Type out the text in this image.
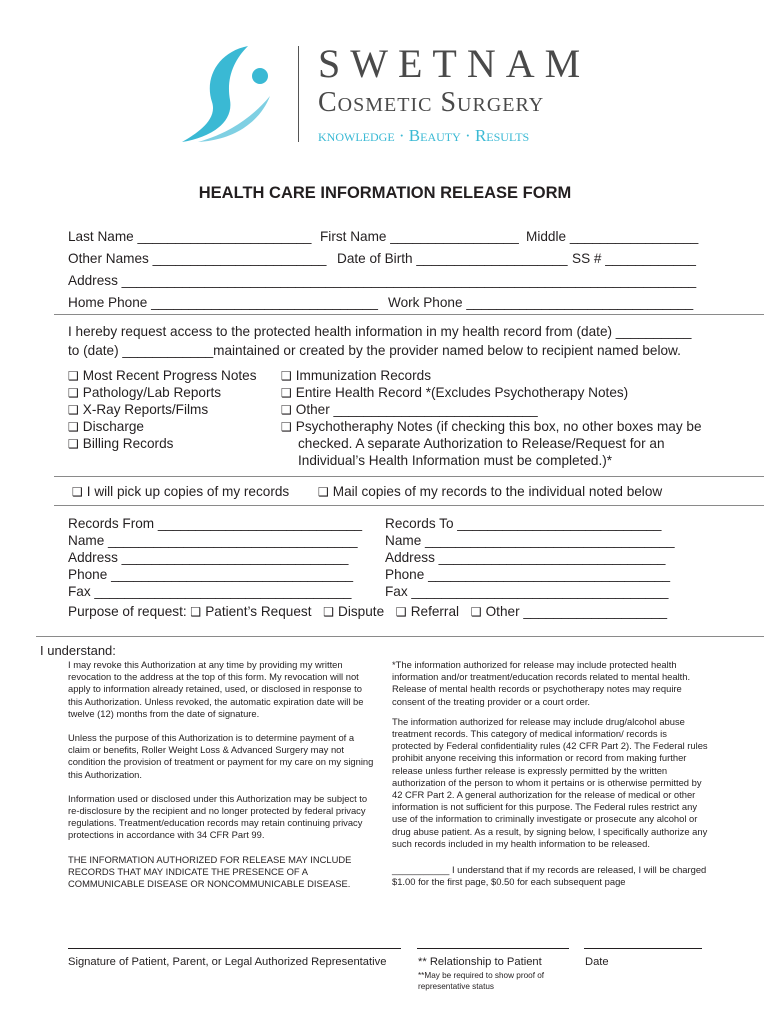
SWETNAM
Cosmetic Surgery
knowledge · Beauty · Results
HEALTH CARE INFORMATION RELEASE FORM
Last Name _______________________ First Name _________________ Middle _________________
Other Names _______________________ Date of Birth ____________________ SS # ____________
Address ____________________________________________________________________________
Home Phone ______________________________ Work Phone ______________________________
I hereby request access to the protected health information in my health record from (date) __________
to (date) ____________maintained or created by the provider named below to recipient named below.
❑ Most Recent Progress Notes
❑ Pathology/Lab Reports
❑ X-Ray Reports/Films
❑ Discharge
❑ Billing Records
❑ Immunization Records
❑ Entire Health Record *(Excludes Psychotherapy Notes)
❑ Other ___________________________
❑ Psychotheraphy Notes (if checking this box, no other boxes may be
checked. A separate Authorization to Release/Request for an
Individual’s Health Information must be completed.)*
❑ I will pick up copies of my records ❑ Mail copies of my records to the individual noted below
Records From ___________________________
Name _________________________________
Address ______________________________
Phone ________________________________
Fax __________________________________
Records To ___________________________
Name _________________________________
Address ______________________________
Phone ________________________________
Fax __________________________________
Purpose of request: ❑ Patient’s Request ❑ Dispute ❑ Referral ❑ Other ___________________
I understand:
I may revoke this Authorization at any time by providing my written revocation to the address at the top of this form. My revocation will not apply to information already retained, used, or disclosed in response to this Authorization. Unless revoked, the automatic expiration date will be twelve (12) months from the date of signature.
Unless the purpose of this Authorization is to determine payment of a claim or benefits, Roller Weight Loss & Advanced Surgery may not condition the provision of treatment or payment for my care on my signing this Authorization.
Information used or disclosed under this Authorization may be subject to re-disclosure by the recipient and no longer protected by federal privacy regulations. Treatment/education records may retain continuing privacy protections in accordance with 34 CFR Part 99.
THE INFORMATION AUTHORIZED FOR RELEASE MAY INCLUDE RECORDS THAT MAY INDICATE THE PRESENCE OF A COMMUNICABLE DISEASE OR NONCOMMUNICABLE DISEASE.
*The information authorized for release may include protected health information and/or treatment/education records related to mental health. Release of mental health records or psychotherapy notes may require consent of the treating provider or a court order.
The information authorized for release may include drug/alcohol abuse treatment records. This category of medical information/ records is protected by Federal confidentiality rules (42 CFR Part 2). The Federal rules prohibit anyone receiving this information or record from making further release unless further release is expressly permitted by the written authorization of the person to whom it pertains or is otherwise permitted by 42 CFR Part 2. A general authorization for the release of medical or other information is not sufficient for this purpose. The Federal rules restrict any use of the information to criminally investigate or prosecute any alcohol or drug abuse patient. As a result, by signing below, I specifically authorize any such records included in my health information to be released.
___________ I understand that if my records are released, I will be charged $1.00 for the first page, $0.50 for each subsequent page
Signature of Patient, Parent, or Legal Authorized Representative	** Relationship to Patient
**May be required to show proof of representative status
Date
